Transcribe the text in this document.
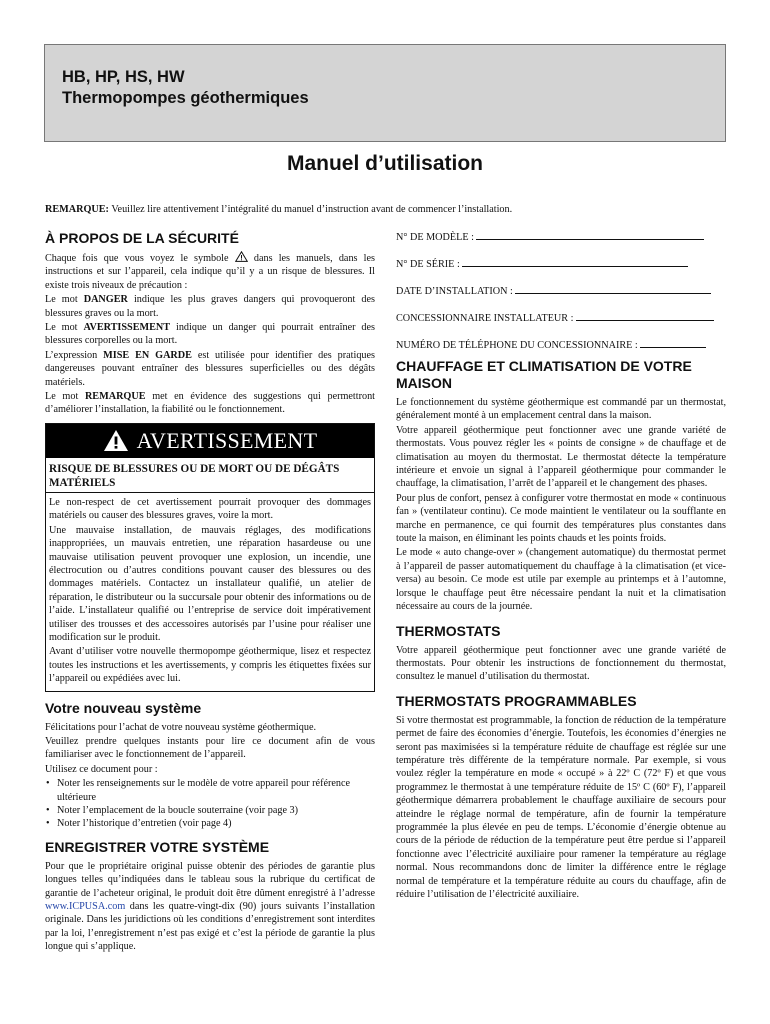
HB, HP, HS, HW
Thermopompes géothermiques
Manuel d’utilisation
REMARQUE: Veuillez lire attentivement l’intégralité du manuel d’instruction avant de commencer l’installation.
À PROPOS DE LA SÉCURITÉ

Chaque fois que vous voyez le symbole  dans les manuels, dans les instructions et sur l’appareil, cela indique qu’il y a un risque de blessures. Il existe trois niveaux de précaution :

Le mot DANGER indique les plus graves dangers qui provoqueront des blessures graves ou la mort.

Le mot AVERTISSEMENT indique un danger qui pourrait entraîner des blessures corporelles ou la mort.

L’expression MISE EN GARDE est utilisée pour identifier des pratiques dangereuses pouvant entraîner des blessures superficielles ou des dégâts matériels.

Le mot REMARQUE met en évidence des suggestions qui permettront d’améliorer l’installation, la fiabilité ou le fonctionnement.

AVERTISSEMENT
RISQUE DE BLESSURES OU DE MORT OU DE DÉGÂTS MATÉRIELS

Le non-respect de cet avertissement pourrait provoquer des dommages matériels ou causer des blessures graves, voire la mort.

Une mauvaise installation, de mauvais réglages, des modifications inappropriées, un mauvais entretien, une réparation hasardeuse ou une mauvaise utilisation peuvent provoquer une explosion, un incendie, une électrocution ou d’autres conditions pouvant causer des blessures ou des dommages matériels. Contactez un installateur qualifié, un atelier de réparation, le distributeur ou la succursale pour obtenir des informations ou de l’aide. L’installateur qualifié ou l’entreprise de service doit impérativement utiliser des trousses et des accessoires autorisés par l’usine pour réaliser une modification sur le produit.

Avant d’utiliser votre nouvelle thermopompe géothermique, lisez et respectez toutes les instructions et les avertissements, y compris les étiquettes fixées sur l’appareil ou expédiées avec lui.

Votre nouveau système

Félicitations pour l’achat de votre nouveau système géothermique.

Veuillez prendre quelques instants pour lire ce document afin de vous familiariser avec le fonctionnement de l’appareil.

Utilisez ce document pour :

• Noter les renseignements sur le modèle de votre appareil pour référence ultérieure
• Noter l’emplacement de la boucle souterraine (voir page 3)
• Noter l’historique d’entretien (voir page 4)
ENREGISTRER VOTRE SYSTÈME

Pour que le propriétaire original puisse obtenir des périodes de garantie plus longues telles qu’indiquées dans le tableau sous la rubrique du certificat de garantie de l’acheteur original, le produit doit être dûment enregistré à l’adresse www.ICPUSA.com dans les quatre-vingt-dix (90) jours suivants l’installation originale. Dans les juridictions où les conditions d’enregistrement sont interdites par la loi, l’enregistrement n’est pas exigé et c’est la période de garantie la plus longue qui s’applique.

N° DE MODÈLE :
N° DE SÉRIE :
DATE D’INSTALLATION :
CONCESSIONNAIRE INSTALLATEUR :
NUMÉRO DE TÉLÉPHONE DU CONCESSIONNAIRE :
CHAUFFAGE ET CLIMATISATION DE VOTRE MAISON

Le fonctionnement du système géothermique est commandé par un thermostat, généralement monté à un emplacement central dans la maison.

Votre appareil géothermique peut fonctionner avec une grande variété de thermostats. Vous pouvez régler les « points de consigne » de chauffage et de climatisation au moyen du thermostat. Le thermostat détecte la température intérieure et envoie un signal à l’appareil géothermique pour commander le chauffage, la climatisation, l’arrêt de l’appareil et le changement des phases.

Pour plus de confort, pensez à configurer votre thermostat en mode « continuous fan » (ventilateur continu). Ce mode maintient le ventilateur ou la soufflante en marche en permanence, ce qui fournit des températures plus constantes dans toute la maison, en éliminant les points chauds et les points froids.

Le mode « auto change-over » (changement automatique) du thermostat permet à l’appareil de passer automatiquement du chauffage à la climatisation (et vice-versa) au besoin. Ce mode est utile par exemple au printemps et à l’automne, lorsque le chauffage peut être nécessaire pendant la nuit et la climatisation nécessaire au cours de la journée.

THERMOSTATS

Votre appareil géothermique peut fonctionner avec une grande variété de thermostats. Pour obtenir les instructions de fonctionnement du thermostat, consultez le manuel d’utilisation du thermostat.

THERMOSTATS PROGRAMMABLES

Si votre thermostat est programmable, la fonction de réduction de la température permet de faire des économies d’énergie. Toutefois, les économies d’énergies ne seront pas maximisées si la température réduite de chauffage est réglée sur une température très différente de la température normale. Par exemple, si vous voulez régler la température en mode « occupé » à 22º C (72º F) et que vous programmez le thermostat à une température réduite de 15º C (60º F), l’appareil géothermique démarrera probablement le chauffage auxiliaire de secours pour atteindre le réglage normal de température, afin de fournir la température programmée la plus élevée en peu de temps. L’économie d’énergie obtenue au cours de la période de réduction de la température peut être perdue si l’appareil fonctionne avec l’électricité auxiliaire pour ramener la température au réglage normal. Nous recommandons donc de limiter la différence entre le réglage normal de température et la température réduite au cours du chauffage, afin de réduire l’utilisation de l’électricité auxiliaire.
